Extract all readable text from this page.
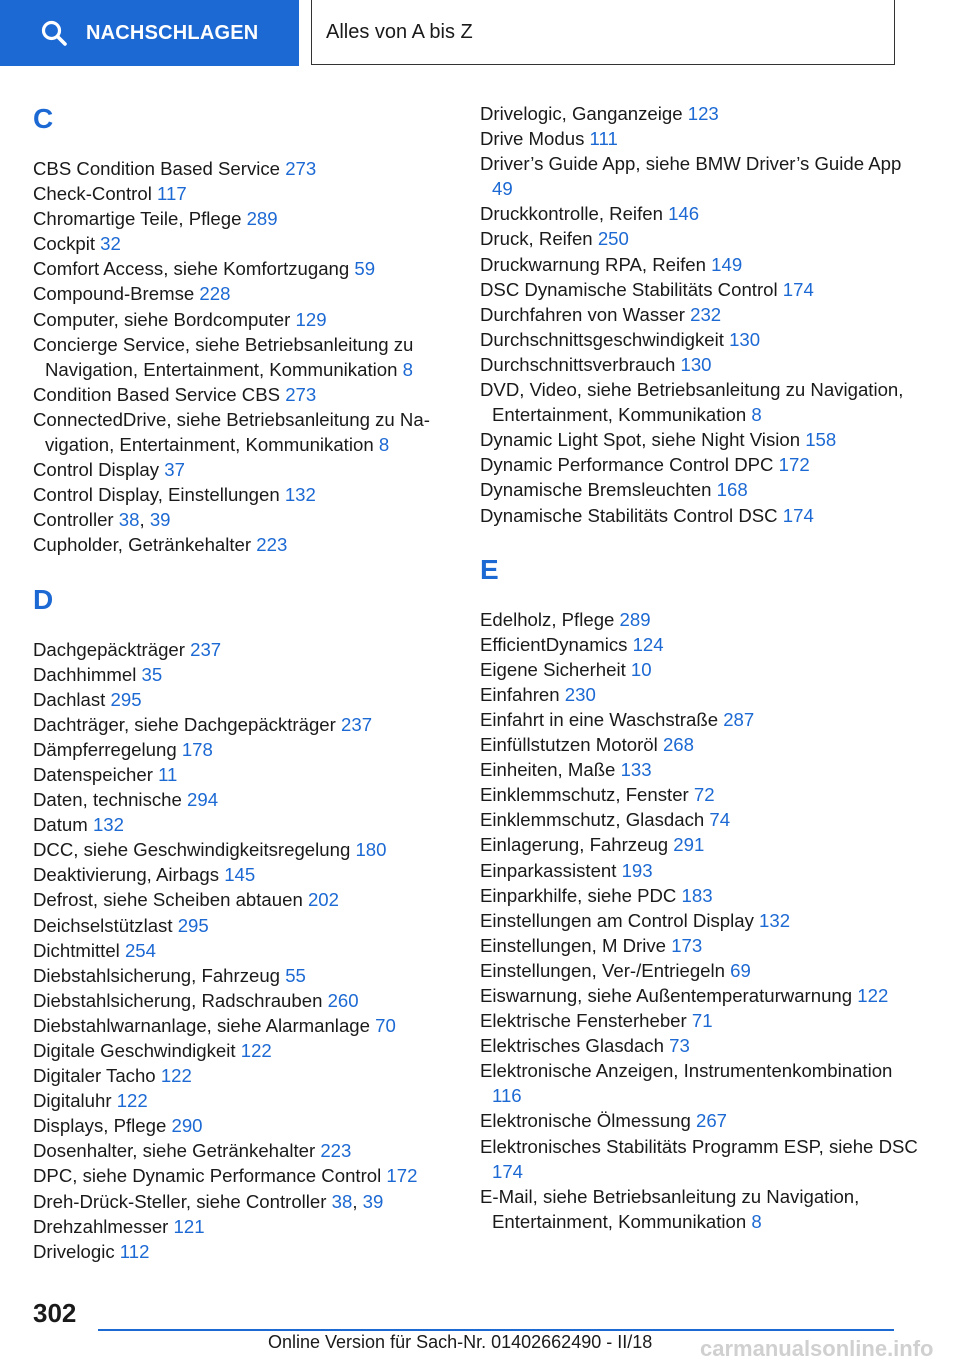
NACHSCHLAGEN	Alles von A bis Z
C

CBS Condition Based Service 273

Check-Control 117

Chromartige Teile, Pflege 289

Cockpit 32

Comfort Access, siehe Komfortzugang 59

Compound-Bremse 228

Computer, siehe Bordcomputer 129

Concierge Service, siehe Betriebsanleitung zu Navigation, Entertainment, Kommunikation 8

Condition Based Service CBS 273

ConnectedDrive, siehe Betriebsanleitung zu Navigation, Entertainment, Kommunikation 8

Control Display 37

Control Display, Einstellungen 132

Controller 38, 39

Cupholder, Getränkehalter 223

D

Dachgepäckträger 237

Dachhimmel 35

Dachlast 295

Dachträger, siehe Dachgepäckträger 237

Dämpferregelung 178

Datenspeicher 11

Daten, technische 294

Datum 132

DCC, siehe Geschwindigkeitsregelung 180

Deaktivierung, Airbags 145

Defrost, siehe Scheiben abtauen 202

Deichselstützlast 295

Dichtmittel 254

Diebstahlsicherung, Fahrzeug 55

Diebstahlsicherung, Radschrauben 260

Diebstahlwarnanlage, siehe Alarmanlage 70

Digitale Geschwindigkeit 122

Digitaler Tacho 122

Digitaluhr 122

Displays, Pflege 290

Dosenhalter, siehe Getränkehalter 223

DPC, siehe Dynamic Performance Control 172

Dreh-Drück-Steller, siehe Controller 38, 39

Drehzahlmesser 121

Drivelogic 112

Drivelogic, Ganganzeige 123

Drive Modus 111

Driver’s Guide App, siehe BMW Driver’s Guide App 49

Druckkontrolle, Reifen 146

Druck, Reifen 250

Druckwarnung RPA, Reifen 149

DSC Dynamische Stabilitäts Control 174

Durchfahren von Wasser 232

Durchschnittsgeschwindigkeit 130

Durchschnittsverbrauch 130

DVD, Video, siehe Betriebsanleitung zu Navigation, Entertainment, Kommunikation 8

Dynamic Light Spot, siehe Night Vision 158

Dynamic Performance Control DPC 172

Dynamische Bremsleuchten 168

Dynamische Stabilitäts Control DSC 174

E

Edelholz, Pflege 289

EfficientDynamics 124

Eigene Sicherheit 10

Einfahren 230

Einfahrt in eine Waschstraße 287

Einfüllstutzen Motoröl 268

Einheiten, Maße 133

Einklemmschutz, Fenster 72

Einklemmschutz, Glasdach 74

Einlagerung, Fahrzeug 291

Einparkassistent 193

Einparkhilfe, siehe PDC 183

Einstellungen am Control Display 132

Einstellungen, M Drive 173

Einstellungen, Ver-/Entriegeln 69

Eiswarnung, siehe Außentemperaturwarnung 122

Elektrische Fensterheber 71

Elektrisches Glasdach 73

Elektronische Anzeigen, Instrumentenkombination 116

Elektronische Ölmessung 267

Elektronisches Stabilitäts Programm ESP, siehe DSC 174

E-Mail, siehe Betriebsanleitung zu Navigation, Entertainment, Kommunikation 8

302
Online Version für Sach-Nr. 01402662490 - II/18 carmanualsonline.info
